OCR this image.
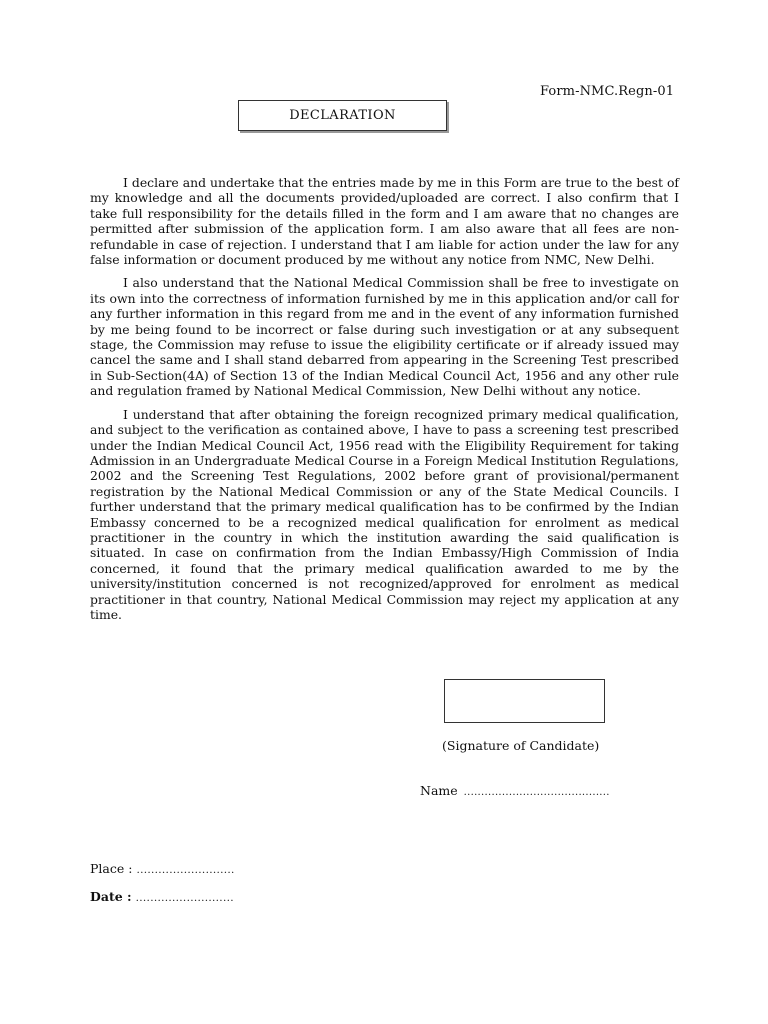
Form-NMC.Regn-01
DECLARATION

I declare and undertake that the entries made by me in this Form are true to the best of my knowledge and all the documents provided/uploaded are correct. I also confirm that I take full responsibility for the details filled in the form and I am aware that no changes are permitted after submission of the application form. I am also aware that all fees are non-refundable in case of rejection. I understand that I am liable for action under the law for any false information or document produced by me without any notice from NMC, New Delhi.

I also understand that the National Medical Commission shall be free to investigate on its own into the correctness of information furnished by me in this application and/or call for any further information in this regard from me and in the event of any information furnished by me being found to be incorrect or false during such investigation or at any subsequent stage, the Commission may refuse to issue the eligibility certificate or if already issued may cancel the same and I shall stand debarred from appearing in the Screening Test prescribed in Sub-Section(4A) of Section 13 of the Indian Medical Council Act, 1956 and any other rule and regulation framed by National Medical Commission, New Delhi without any notice.

I understand that after obtaining the foreign recognized primary medical qualification, and subject to the verification as contained above, I have to pass a screening test prescribed under the Indian Medical Council Act, 1956 read with the Eligibility Requirement for taking Admission in an Undergraduate Medical Course in a Foreign Medical Institution Regulations, 2002 and the Screening Test Regulations, 2002 before grant of provisional/permanent registration by the National Medical Commission or any of the State Medical Councils. I further understand that the primary medical qualification has to be confirmed by the Indian Embassy concerned to be a recognized medical qualification for enrolment as medical practitioner in the country in which the institution awarding the said qualification is situated. In case on confirmation from the Indian Embassy/High Commission of India concerned, it found that the primary medical qualification awarded to me by the university/institution concerned is not recognized/approved for enrolment as medical practitioner in that country, National Medical Commission may reject my application at any time.

(Signature of Candidate)
Name ..........................................
Place : ...........................
Date : ...........................
